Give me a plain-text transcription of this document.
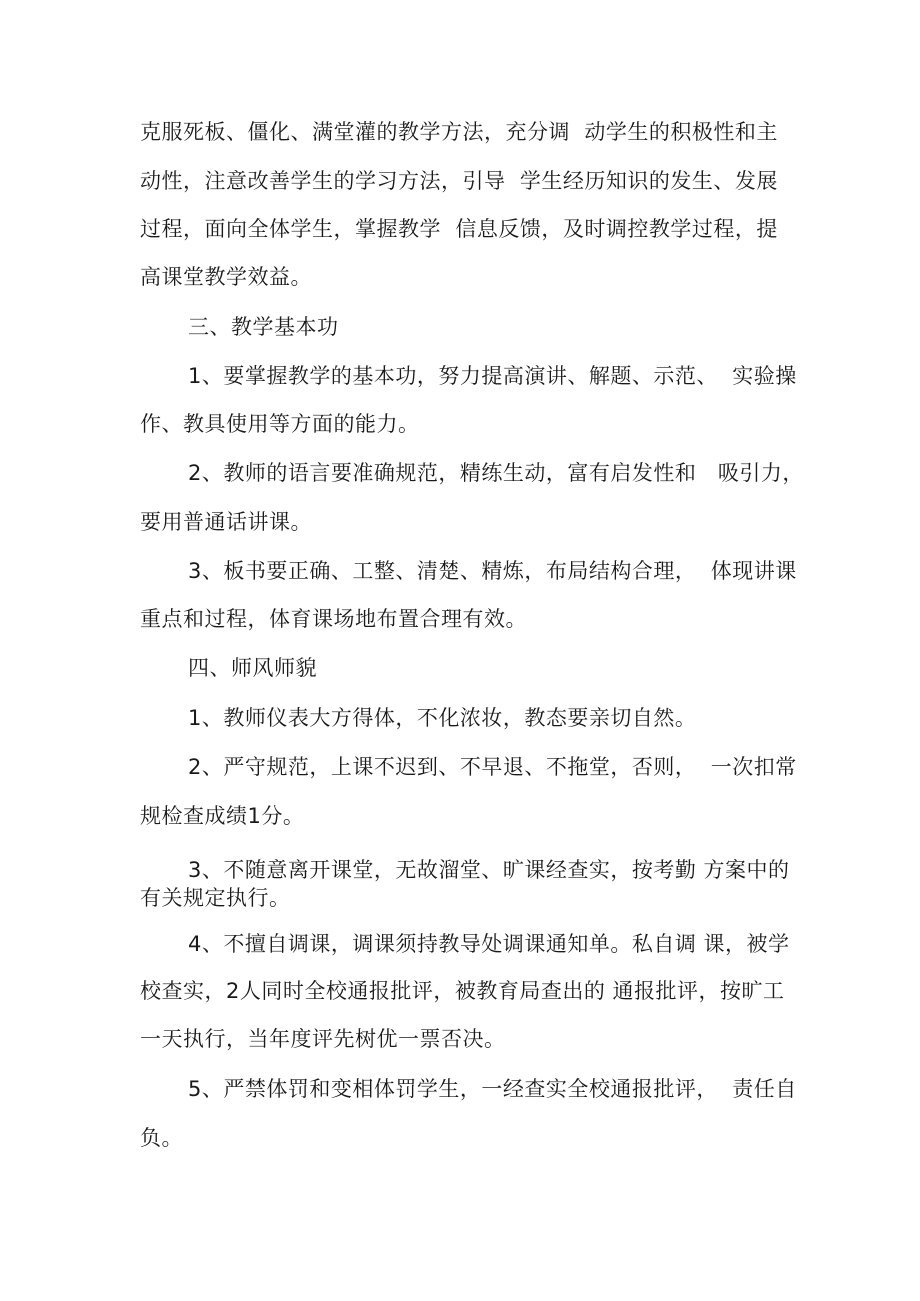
克服死板、僵化、满堂灌的教学方法，充分调  动学生的积极性和主
动性，注意改善学生的学习方法，引导  学生经历知识的发生、发展
过程，面向全体学生，掌握教学  信息反馈，及时调控教学过程，提
高课堂教学效益。
三、教学基本功
1、要掌握教学的基本功，努力提高演讲、解题、示范、  实验操
作、教具使用等方面的能力。
2、教师的语言要准确规范，精练生动，富有启发性和   吸引力，
要用普通话讲课。
3、板书要正确、工整、清楚、精炼，布局结构合理，  体现讲课
重点和过程，体育课场地布置合理有效。
四、师风师貌
1、教师仪表大方得体，不化浓妆，教态要亲切自然。
2、严守规范，上课不迟到、不早退、不拖堂，否则，  一次扣常
规检查成绩1分。
3、不随意离开课堂，无故溜堂、旷课经查实，按考勤 方案中的
有关规定执行。
4、不擅自调课，调课须持教导处调课通知单。私自调 课，被学
校查实，2人同时全校通报批评，被教育局查出的 通报批评，按旷工
一天执行，当年度评先树优一票否决。
5、严禁体罚和变相体罚学生，一经查实全校通报批评，  责任自
负。
